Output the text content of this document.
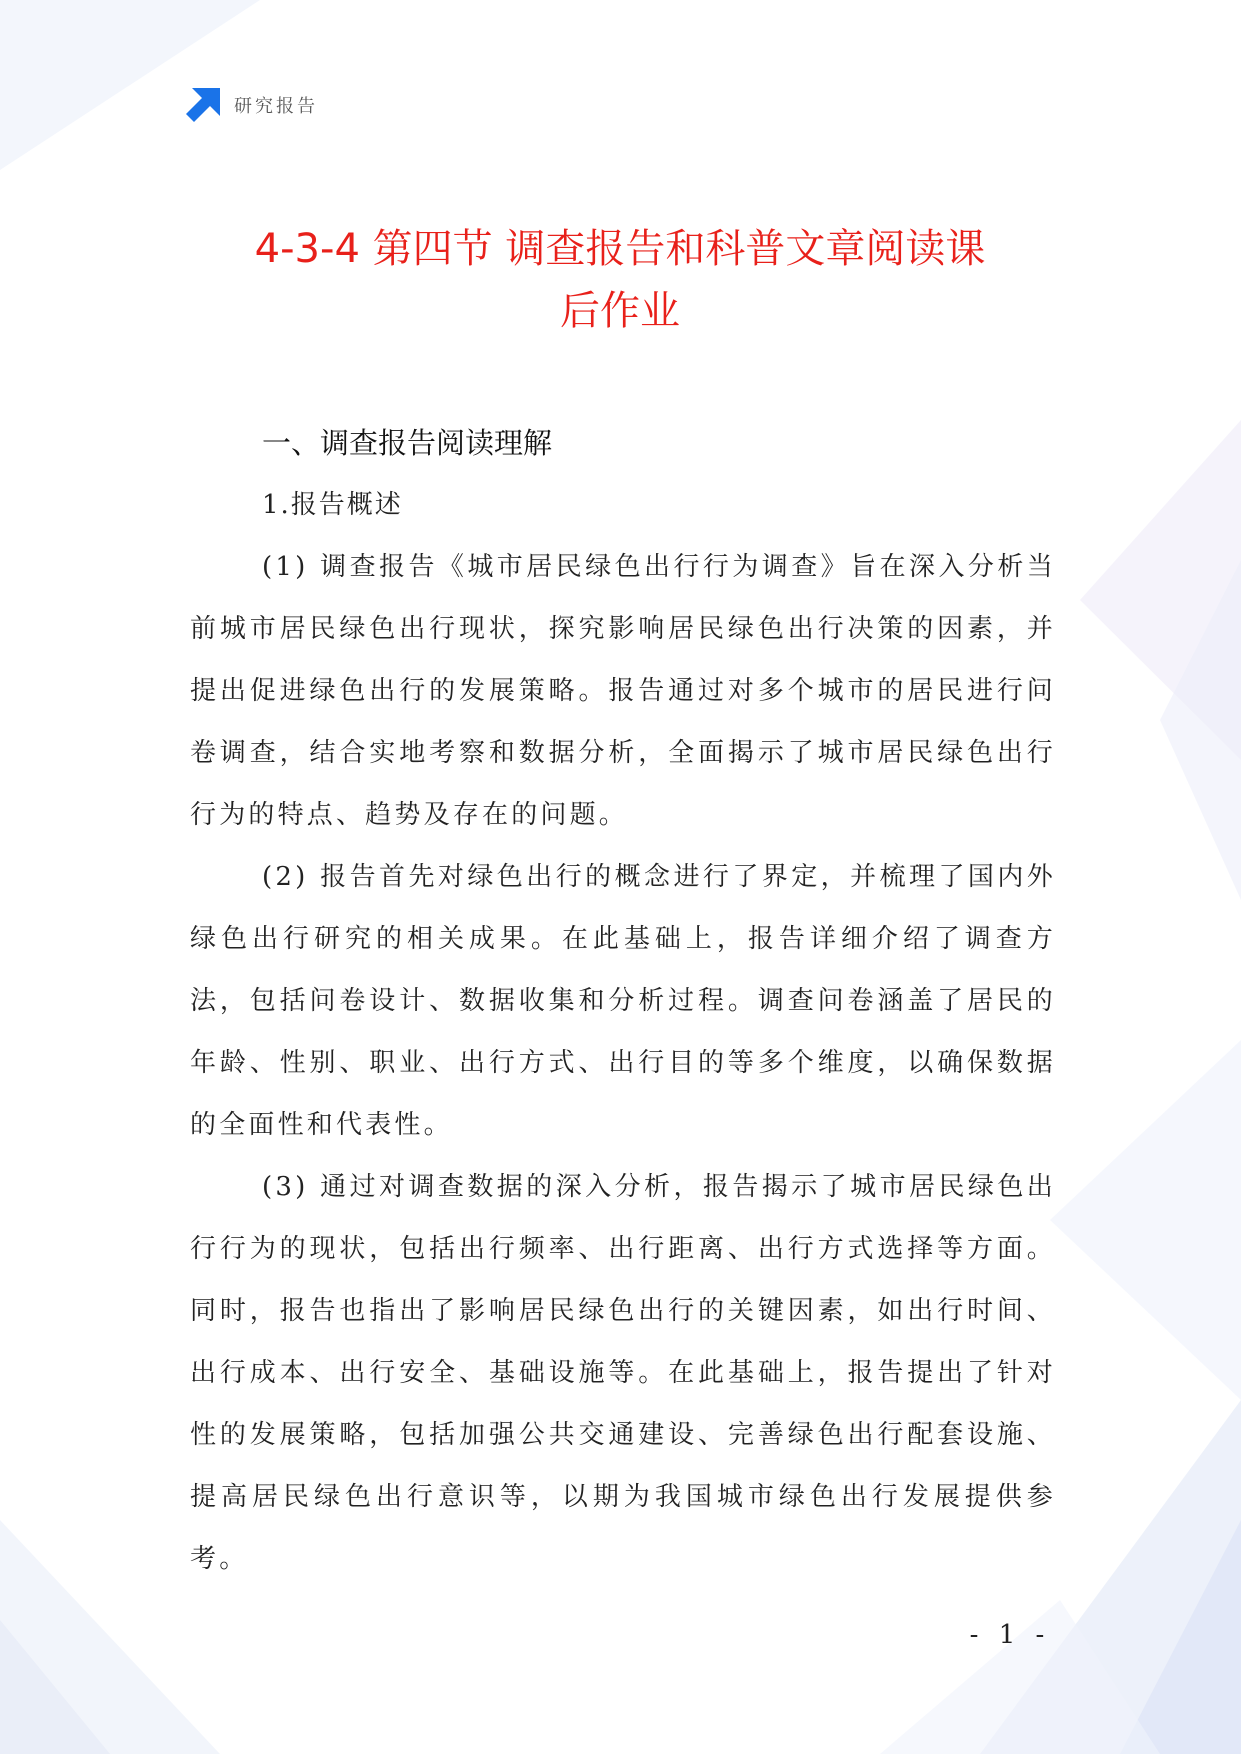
研究报告
4-3-4 第四节 调查报告和科普文章阅读课
后作业
一、调查报告阅读理解
1.报告概述

(1) 调查报告《城市居民绿色出行行为调查》旨在深入分析当前城市居民绿色出行现状，探究影响居民绿色出行决策的因素，并提出促进绿色出行的发展策略。报告通过对多个城市的居民进行问卷调查，结合实地考察和数据分析，全面揭示了城市居民绿色出行行为的特点、趋势及存在的问题。

(2) 报告首先对绿色出行的概念进行了界定，并梳理了国内外绿色出行研究的相关成果。在此基础上，报告详细介绍了调查方法，包括问卷设计、数据收集和分析过程。调查问卷涵盖了居民的年龄、性别、职业、出行方式、出行目的等多个维度，以确保数据的全面性和代表性。

(3) 通过对调查数据的深入分析，报告揭示了城市居民绿色出行行为的现状，包括出行频率、出行距离、出行方式选择等方面。同时，报告也指出了影响居民绿色出行的关键因素，如出行时间、出行成本、出行安全、基础设施等。在此基础上，报告提出了针对性的发展策略，包括加强公共交通建设、完善绿色出行配套设施、提高居民绿色出行意识等，以期为我国城市绿色出行发展提供参考。

- 1 -
